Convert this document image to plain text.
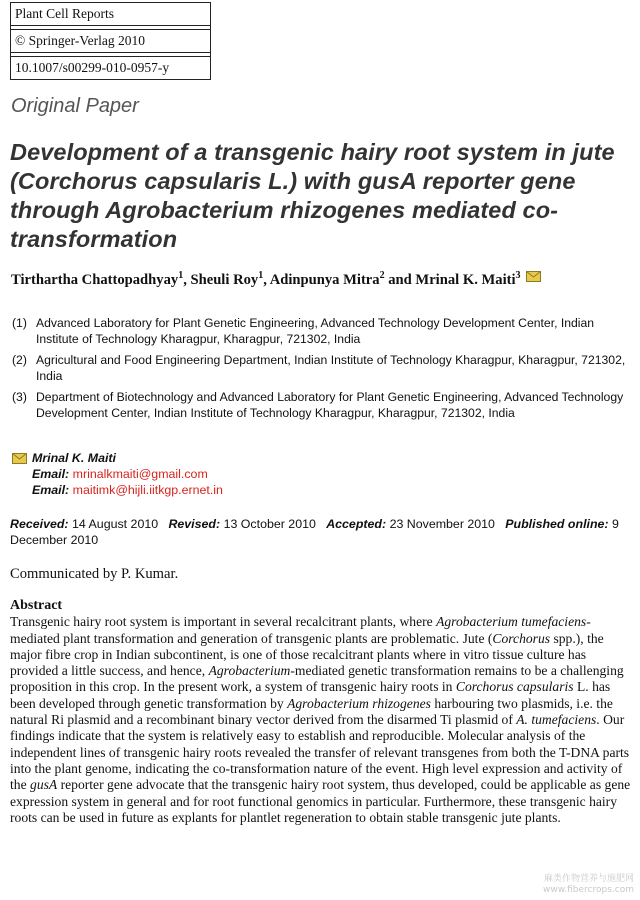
Plant Cell Reports
© Springer-Verlag 2010
10.1007/s00299-010-0957-y
Original Paper
Development of a transgenic hairy root system in jute (Corchorus capsularis L.) with gusA reporter gene through Agrobacterium rhizogenes mediated co-transformation
Tirthartha Chattopadhyay$^1$, Sheuli Roy$^1$, Adinpunya Mitra$^2$ and Mrinal K. Maiti$^3$
(1) Advanced Laboratory for Plant Genetic Engineering, Advanced Technology Development Center, Indian Institute of Technology Kharagpur, Kharagpur, 721302, India
(2) Agricultural and Food Engineering Department, Indian Institute of Technology Kharagpur, Kharagpur, 721302, India
(3) Department of Biotechnology and Advanced Laboratory for Plant Genetic Engineering, Advanced Technology Development Center, Indian Institute of Technology Kharagpur, Kharagpur, 721302, India
Mrinal K. Maiti
Email: mrinalkmaiti@gmail.com
Email: maitimk@hijli.iitkgp.ernet.in
Received: 14 August 2010 Revised: 13 October 2010 Accepted: 23 November 2010 Published online: 9 December 2010
Communicated by P. Kumar.
Abstract

Transgenic hairy root system is important in several recalcitrant plants, where Agrobacterium tumefaciens-mediated plant transformation and generation of transgenic plants are problematic. Jute (Corchorus spp.), the major fibre crop in Indian subcontinent, is one of those recalcitrant plants where in vitro tissue culture has provided a little success, and hence, Agrobacterium-mediated genetic transformation remains to be a challenging proposition in this crop. In the present work, a system of transgenic hairy roots in Corchorus capsularis L. has been developed through genetic transformation by Agrobacterium rhizogenes harbouring two plasmids, i.e. the natural Ri plasmid and a recombinant binary vector derived from the disarmed Ti plasmid of A. tumefaciens. Our findings indicate that the system is relatively easy to establish and reproducible. Molecular analysis of the independent lines of transgenic hairy roots revealed the transfer of relevant transgenes from both the T-DNA parts into the plant genome, indicating the co-transformation nature of the event. High level expression and activity of the gusA reporter gene advocate that the transgenic hairy root system, thus developed, could be applicable as gene expression system in general and for root functional genomics in particular. Furthermore, these transgenic hairy roots can be used in future as explants for plantlet regeneration to obtain stable transgenic jute plants.

麻类作物营养与施肥网
www.fibercrops.com
